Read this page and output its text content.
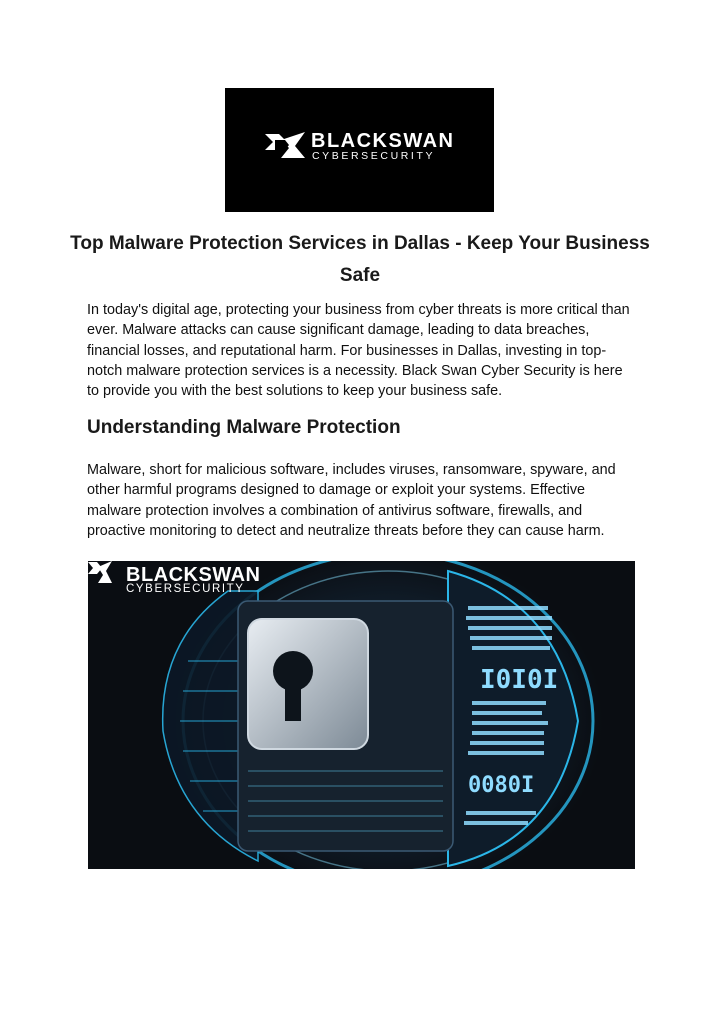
BLACKSWAN
CYBERSECURITY
Top Malware Protection Services in Dallas - Keep Your Business Safe
In today's digital age, protecting your business from cyber threats is more critical than ever. Malware attacks can cause significant damage, leading to data breaches, financial losses, and reputational harm. For businesses in Dallas, investing in top-notch malware protection services is a necessity. Black Swan Cyber Security is here to provide you with the best solutions to keep your business safe.
Understanding Malware Protection
Malware, short for malicious software, includes viruses, ransomware, spyware, and other harmful programs designed to damage or exploit your systems. Effective malware protection involves a combination of antivirus software, firewalls, and proactive monitoring to detect and neutralize threats before they can cause harm.
BLACKSWAN
CYBERSECURITY
I0I0I
0080I
